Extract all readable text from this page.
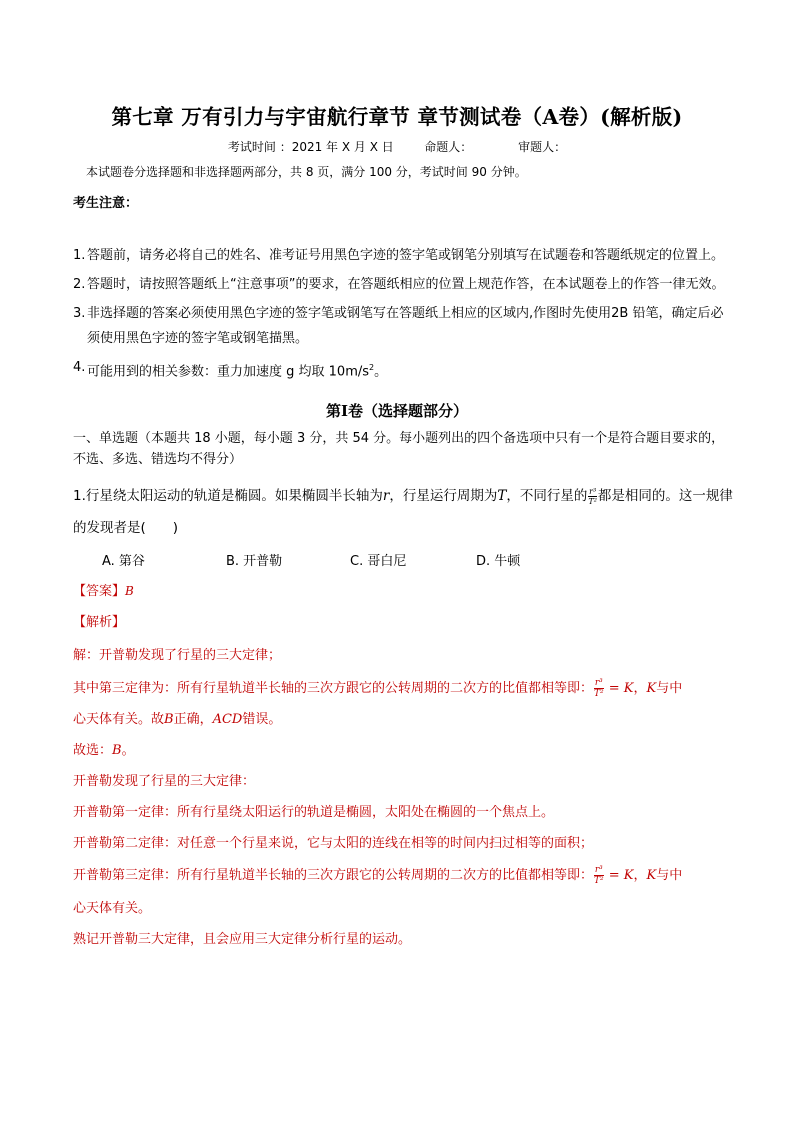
第七章 万有引力与宇宙航行章节 章节测试卷（A卷）(解析版)
考试时间 ：2021 年 X 月 X 日	命题人：	审题人：
本试题卷分选择题和非选择题两部分，共 8 页，满分 100 分，考试时间 90 分钟。
考生注意：
1. 答题前，请务必将自己的姓名、准考证号用黑色字迹的签字笔或钢笔分别填写在试题卷和答题纸规定的位置上。
2. 答题时，请按照答题纸上“注意事项”的要求，在答题纸相应的位置上规范作答，在本试题卷上的作答一律无效。
3. 非选择题的答案必须使用黑色字迹的签字笔或钢笔写在答题纸上相应的区域内,作图时先使用2B 铅笔，确定后必须使用黑色字迹的签字笔或钢笔描黑。
4. 可能用到的相关参数：重力加速度 g 均取 $10m/s^2$。
第Ⅰ卷（选择题部分）
一、单选题（本题共 18 小题，每小题 3 分，共 54 分。每小题列出的四个备选项中只有一个是符合题目要求的，不选、多选、错选均不得分）
1.行星绕太阳运动的轨道是椭圆。如果椭圆半长轴为r，行星运行周期为T，不同行星的 $\frac{\text{r³}}{\text{T²}}$ 都是相同的。这一规律的发现者是(　　)
A. 第谷	B. 开普勒	C. 哥白尼	D. 牛顿
【答案】B
【解析】
解：开普勒发现了行星的三大定律；
其中第三定律为：所有行星轨道半长轴的三次方跟它的公转周期的二次方的比值都相等即： $\frac{\text{r³}}{\text{T²}} = K$，K与中
心天体有关。故B正确，ACD错误。
故选：B。
开普勒发现了行星的三大定律：
开普勒第一定律：所有行星绕太阳运行的轨道是椭圆，太阳处在椭圆的一个焦点上。
开普勒第二定律：对任意一个行星来说，它与太阳的连线在相等的时间内扫过相等的面积；
开普勒第三定律：所有行星轨道半长轴的三次方跟它的公转周期的二次方的比值都相等即： $\frac{\text{r³}}{\text{T²}} = K$，K与中
心天体有关。
熟记开普勒三大定律，且会应用三大定律分析行星的运动。
